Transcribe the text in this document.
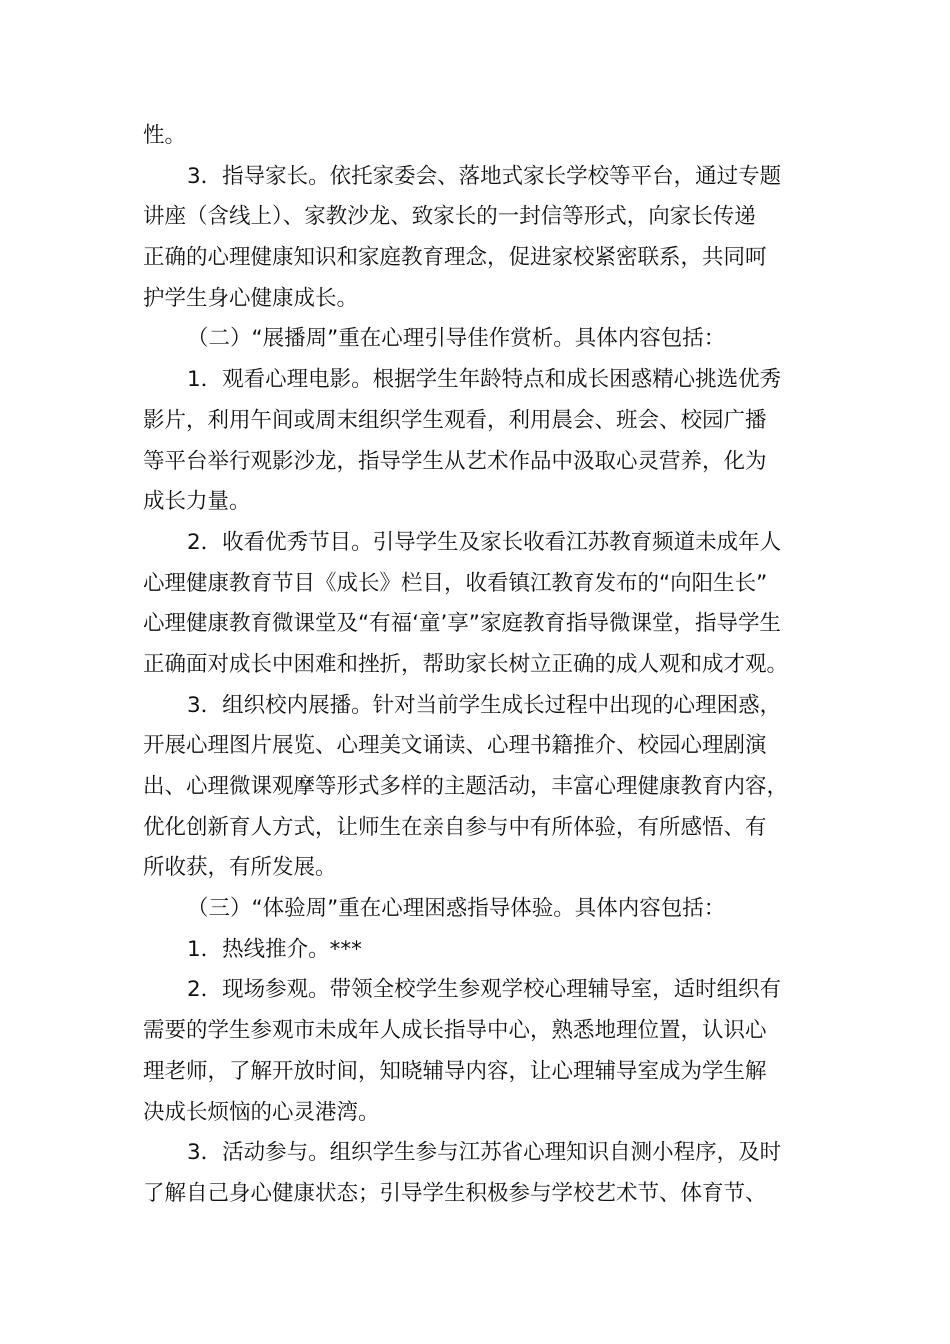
性。
3．指导家长。依托家委会、落地式家长学校等平台，通过专题
讲座（含线上）、家教沙龙、致家长的一封信等形式，向家长传递
正确的心理健康知识和家庭教育理念，促进家校紧密联系，共同呵
护学生身心健康成长。
（二）“展播周”重在心理引导佳作赏析。具体内容包括：
1．观看心理电影。根据学生年龄特点和成长困惑精心挑选优秀
影片，利用午间或周末组织学生观看，利用晨会、班会、校园广播
等平台举行观影沙龙，指导学生从艺术作品中汲取心灵营养，化为
成长力量。
2．收看优秀节目。引导学生及家长收看江苏教育频道未成年人
心理健康教育节目《成长》栏目，收看镇江教育发布的“向阳生长”
心理健康教育微课堂及“有福‘童’享”家庭教育指导微课堂，指导学生
正确面对成长中困难和挫折，帮助家长树立正确的成人观和成才观。
3．组织校内展播。针对当前学生成长过程中出现的心理困惑，
开展心理图片展览、心理美文诵读、心理书籍推介、校园心理剧演
出、心理微课观摩等形式多样的主题活动，丰富心理健康教育内容，
优化创新育人方式，让师生在亲自参与中有所体验，有所感悟、有
所收获，有所发展。
（三）“体验周”重在心理困惑指导体验。具体内容包括：
1．热线推介。***
2．现场参观。带领全校学生参观学校心理辅导室，适时组织有
需要的学生参观市未成年人成长指导中心，熟悉地理位置，认识心
理老师，了解开放时间，知晓辅导内容，让心理辅导室成为学生解
决成长烦恼的心灵港湾。
3．活动参与。组织学生参与江苏省心理知识自测小程序，及时
了解自己身心健康状态；引导学生积极参与学校艺术节、体育节、
